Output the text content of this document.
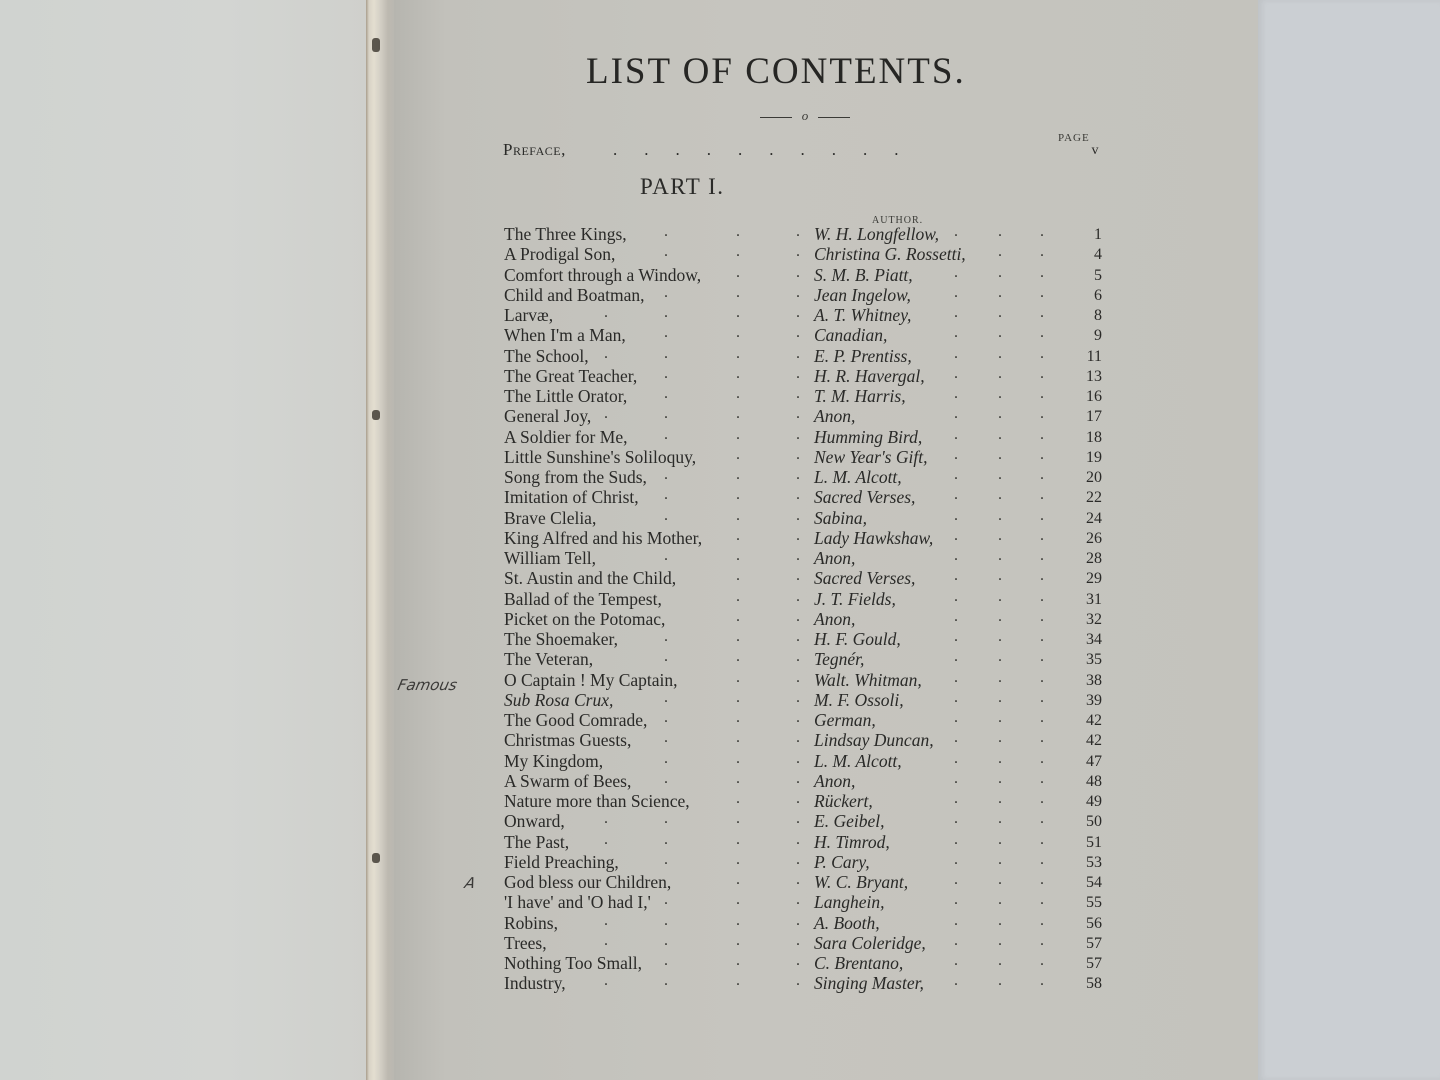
LIST OF CONTENTS.
o
PAGE
Preface,	..........	v
PART I.
AUTHOR.
The Three Kings, .	.	. W. H. Longfellow, .	. .	1
A Prodigal Son,	.	.	. Christina G. Rossetti, . .	4
Comfort through a Window, .	. S. M. B. Piatt,	.	. .	5
Child and Boatman, .	.	. Jean Ingelow,	.	. .	6
Larvæ,	.	.	.	. A. T. Whitney,	.	. .	8
When I'm a Man, .	.	. Canadian,	.	. .	9
The School, .	.	.	. E. P. Prentiss,	.	. .	11
The Great Teacher, .	.	. H. R. Havergal, .	. .	13
The Little Orator, .	.	. T. M. Harris,	.	. .	16
General Joy, .	.	.	. Anon,	.	. .	17
A Soldier for Me, .	.	. Humming Bird, .	. .	18
Little Sunshine's Soliloquy, .	. New Year's Gift, .	. .	19
Song from the Suds, .	.	. L. M. Alcott,	.	. .	20
Imitation of Christ, .	.	. Sacred Verses, .	. .	22
Brave Clelia,	.	.	. Sabina,	.	. .	24
King Alfred and his Mother, .	. Lady Hawkshaw, .	. .	26
William Tell,	.	.	. Anon,	.	. .	28
St. Austin and the Child,	.	. Sacred Verses, .	. .	29
Ballad of the Tempest,	.	. J. T. Fields,	.	. .	31
Picket on the Potomac,	.	. Anon,	.	. .	32
The Shoemaker,	.	.	. H. F. Gould,	.	. .	34
The Veteran,	.	.	. Tegnér,	.	. .	35
O Captain ! My Captain,	.	. Walt. Whitman, .	. .	38
Sub Rosa Crux,	.	.	. M. F. Ossoli,	.	. .	39
The Good Comrade, .	.	. German,	.	. .	42
Christmas Guests, .	.	. Lindsay Duncan, .	. .	42
My Kingdom,	.	.	. L. M. Alcott,	.	. .	47
A Swarm of Bees, .	.	. Anon,	.	. .	48
Nature more than Science,	.	. Rückert,	.	. .	49
Onward, .	.	.	. E. Geibel,	.	. .	50
The Past, .	.	.	. H. Timrod,	.	. .	51
Field Preaching,	.	.	. P. Cary,	.	. .	53
God bless our Children,	.	. W. C. Bryant,	.	. .	54
'I have' and 'O had I,' .	.	. Langhein,	.	. .	55
Robins,	.	.	.	. A. Booth,	.	. .	56
Trees,	.	.	.	. Sara Coleridge, .	. .	57
Nothing Too Small, .	.	. C. Brentano,	.	. .	57
Industry, .	.	.	. Singing Master, .	. .	58
Famous
A
